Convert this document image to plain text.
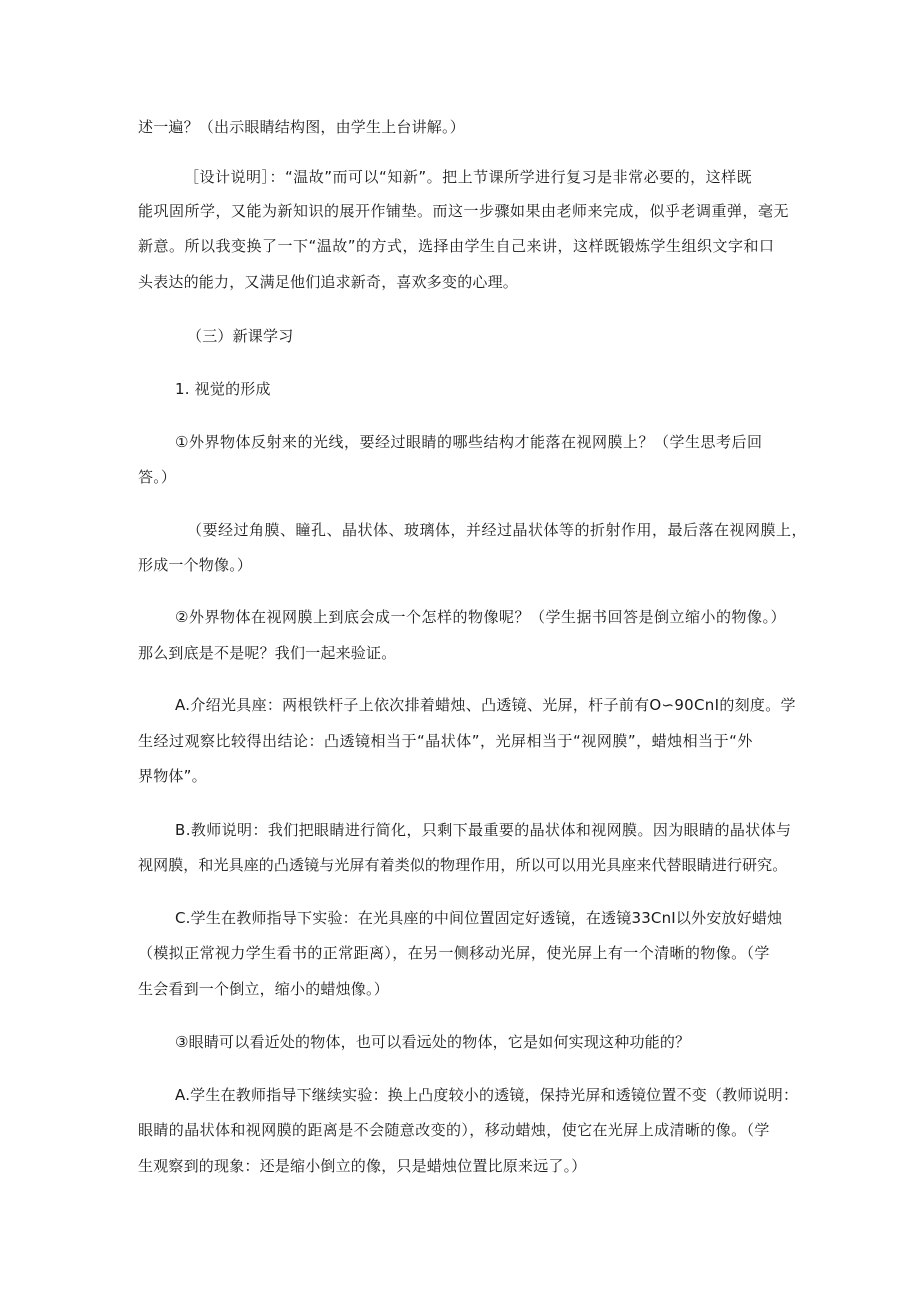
述一遍？（出示眼睛结构图，由学生上台讲解。）

［设计说明］：“温故”而可以“知新”。把上节课所学进行复习是非常必要的，这样既

能巩固所学，又能为新知识的展开作铺垫。而这一步骤如果由老师来完成，似乎老调重弹，毫无

新意。所以我变换了一下“温故”的方式，选择由学生自己来讲，这样既锻炼学生组织文字和口

头表达的能力，又满足他们追求新奇，喜欢多变的心理。

（三）新课学习

1. 视觉的形成

①外界物体反射来的光线，要经过眼睛的哪些结构才能落在视网膜上？（学生思考后回

答。）

（要经过角膜、瞳孔、晶状体、玻璃体，并经过晶状体等的折射作用，最后落在视网膜上，

形成一个物像。）

②外界物体在视网膜上到底会成一个怎样的物像呢？（学生据书回答是倒立缩小的物像。）

那么到底是不是呢？我们一起来验证。

A.介绍光具座：两根铁杆子上依次排着蜡烛、凸透镜、光屏，杆子前有O∽90CnI的刻度。学

生经过观察比较得出结论：凸透镜相当于“晶状体”，光屏相当于“视网膜”，蜡烛相当于“外

界物体”。

B.教师说明：我们把眼睛进行简化，只剩下最重要的晶状体和视网膜。因为眼睛的晶状体与

视网膜，和光具座的凸透镜与光屏有着类似的物理作用，所以可以用光具座来代替眼睛进行研究。

C.学生在教师指导下实验：在光具座的中间位置固定好透镜，在透镜33CnI以外安放好蜡烛

（模拟正常视力学生看书的正常距离），在另一侧移动光屏，使光屏上有一个清晰的物像。（学

生会看到一个倒立，缩小的蜡烛像。）

③眼睛可以看近处的物体，也可以看远处的物体，它是如何实现这种功能的？

A.学生在教师指导下继续实验：换上凸度较小的透镜，保持光屏和透镜位置不变（教师说明：

眼睛的晶状体和视网膜的距离是不会随意改变的），移动蜡烛，使它在光屏上成清晰的像。（学

生观察到的现象：还是缩小倒立的像，只是蜡烛位置比原来远了。）
